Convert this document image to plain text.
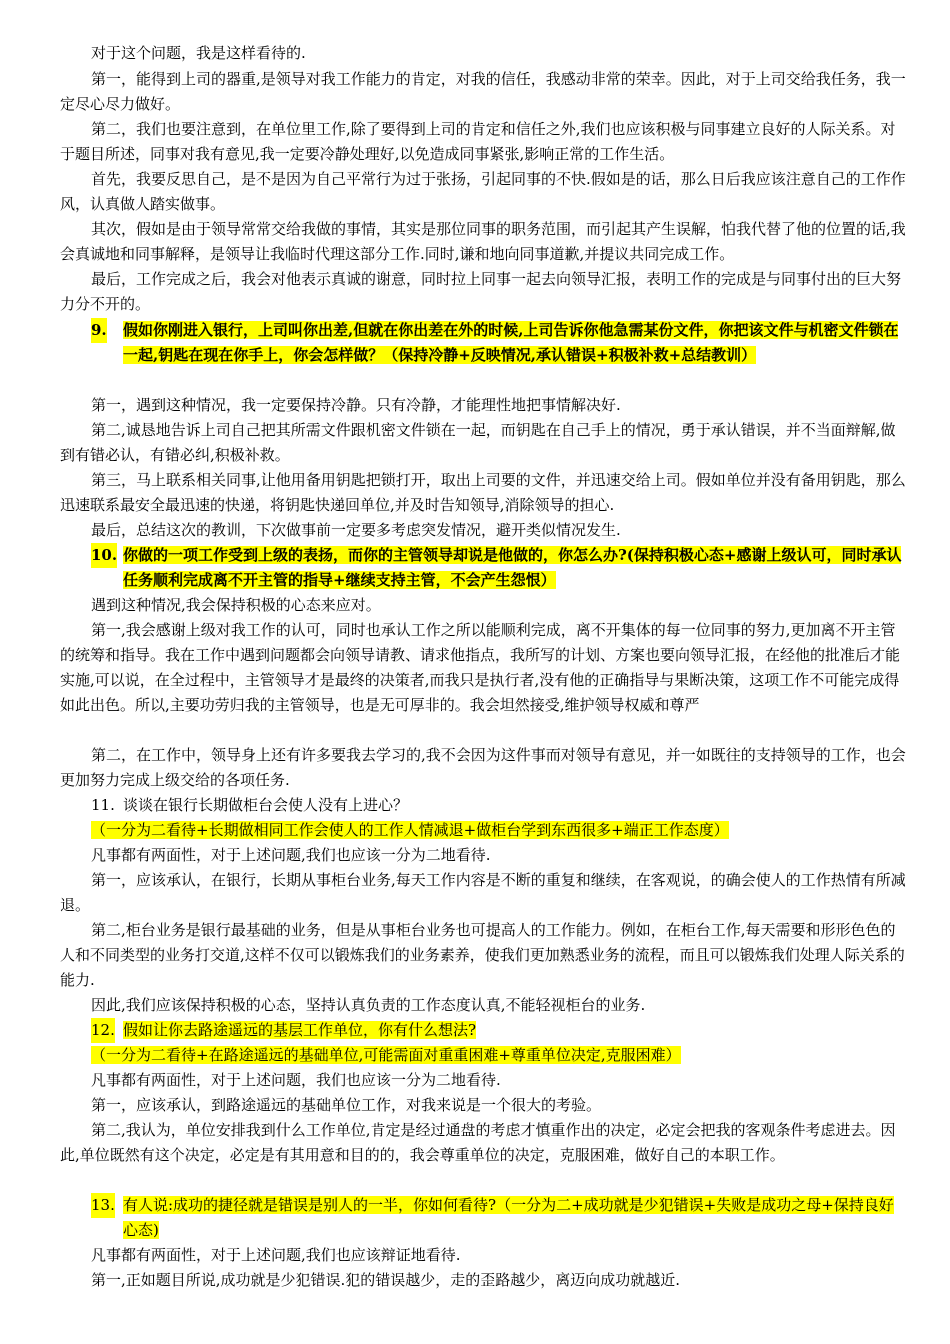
对于这个问题，我是这样看待的.

第一，能得到上司的器重,是领导对我工作能力的肯定，对我的信任，我感动非常的荣幸。因此，对于上司交给我任务，我一定尽心尽力做好。

第二，我们也要注意到，在单位里工作,除了要得到上司的肯定和信任之外,我们也应该积极与同事建立良好的人际关系。对于题目所述，同事对我有意见,我一定要冷静处理好,以免造成同事紧张,影响正常的工作生活。

首先，我要反思自己，是不是因为自己平常行为过于张扬，引起同事的不快.假如是的话，那么日后我应该注意自己的工作作风，认真做人踏实做事。

其次，假如是由于领导常常交给我做的事情，其实是那位同事的职务范围，而引起其产生误解，怕我代替了他的位置的话,我会真诚地和同事解释，是领导让我临时代理这部分工作.同时,谦和地向同事道歉,并提议共同完成工作。

最后，工作完成之后，我会对他表示真诚的谢意，同时拉上同事一起去向领导汇报，表明工作的完成是与同事付出的巨大努力分不开的。

9. 假如你刚进入银行，上司叫你出差,但就在你出差在外的时候,上司告诉你他急需某份文件，你把该文件与机密文件锁在一起,钥匙在现在你手上，你会怎样做？（保持冷静+反映情况,承认错误+积极补救+总结教训）

第一，遇到这种情况，我一定要保持冷静。只有冷静，才能理性地把事情解决好.

第二,诚恳地告诉上司自己把其所需文件跟机密文件锁在一起，而钥匙在自己手上的情况，勇于承认错误，并不当面辩解,做到有错必认，有错必纠,积极补救。

第三，马上联系相关同事,让他用备用钥匙把锁打开，取出上司要的文件，并迅速交给上司。假如单位并没有备用钥匙，那么迅速联系最安全最迅速的快递，将钥匙快递回单位,并及时告知领导,消除领导的担心.

最后，总结这次的教训，下次做事前一定要多考虑突发情况，避开类似情况发生.

10. 你做的一项工作受到上级的表扬，而你的主管领导却说是他做的，你怎么办?(保持积极心态+感谢上级认可，同时承认任务顺利完成离不开主管的指导+继续支持主管，不会产生怨恨）

遇到这种情况,我会保持积极的心态来应对。

第一,我会感谢上级对我工作的认可，同时也承认工作之所以能顺利完成，离不开集体的每一位同事的努力,更加离不开主管的统筹和指导。我在工作中遇到问题都会向领导请教、请求他指点，我所写的计划、方案也要向领导汇报，在经他的批准后才能实施,可以说，在全过程中，主管领导才是最终的决策者,而我只是执行者,没有他的正确指导与果断决策，这项工作不可能完成得如此出色。所以,主要功劳归我的主管领导，也是无可厚非的。我会坦然接受,维护领导权威和尊严

第二，在工作中，领导身上还有许多要我去学习的,我不会因为这件事而对领导有意见，并一如既往的支持领导的工作，也会更加努力完成上级交给的各项任务.

11. 谈谈在银行长期做柜台会使人没有上进心？
（一分为二看待+长期做相同工作会使人的工作人情减退+做柜台学到东西很多+端正工作态度）

凡事都有两面性，对于上述问题,我们也应该一分为二地看待.

第一，应该承认，在银行，长期从事柜台业务,每天工作内容是不断的重复和继续，在客观说，的确会使人的工作热情有所减退。

第二,柜台业务是银行最基础的业务，但是从事柜台业务也可提高人的工作能力。例如，在柜台工作,每天需要和形形色色的人和不同类型的业务打交道,这样不仅可以锻炼我们的业务素养，使我们更加熟悉业务的流程，而且可以锻炼我们处理人际关系的能力.

因此,我们应该保持积极的心态，坚持认真负责的工作态度认真,不能轻视柜台的业务.

12. 假如让你去路途遥远的基层工作单位，你有什么想法?
（一分为二看待+在路途遥远的基础单位,可能需面对重重困难+尊重单位决定,克服困难）

凡事都有两面性，对于上述问题，我们也应该一分为二地看待.

第一，应该承认，到路途遥远的基础单位工作，对我来说是一个很大的考验。

第二,我认为，单位安排我到什么工作单位,肯定是经过通盘的考虑才慎重作出的决定，必定会把我的客观条件考虑进去。因此,单位既然有这个决定，必定是有其用意和目的的，我会尊重单位的决定，克服困难，做好自己的本职工作。

13. 有人说:成功的捷径就是错误是别人的一半，你如何看待?（一分为二+成功就是少犯错误+失败是成功之母+保持良好心态)

凡事都有两面性，对于上述问题,我们也应该辩证地看待.

第一,正如题目所说,成功就是少犯错误.犯的错误越少，走的歪路越少，离迈向成功就越近.
